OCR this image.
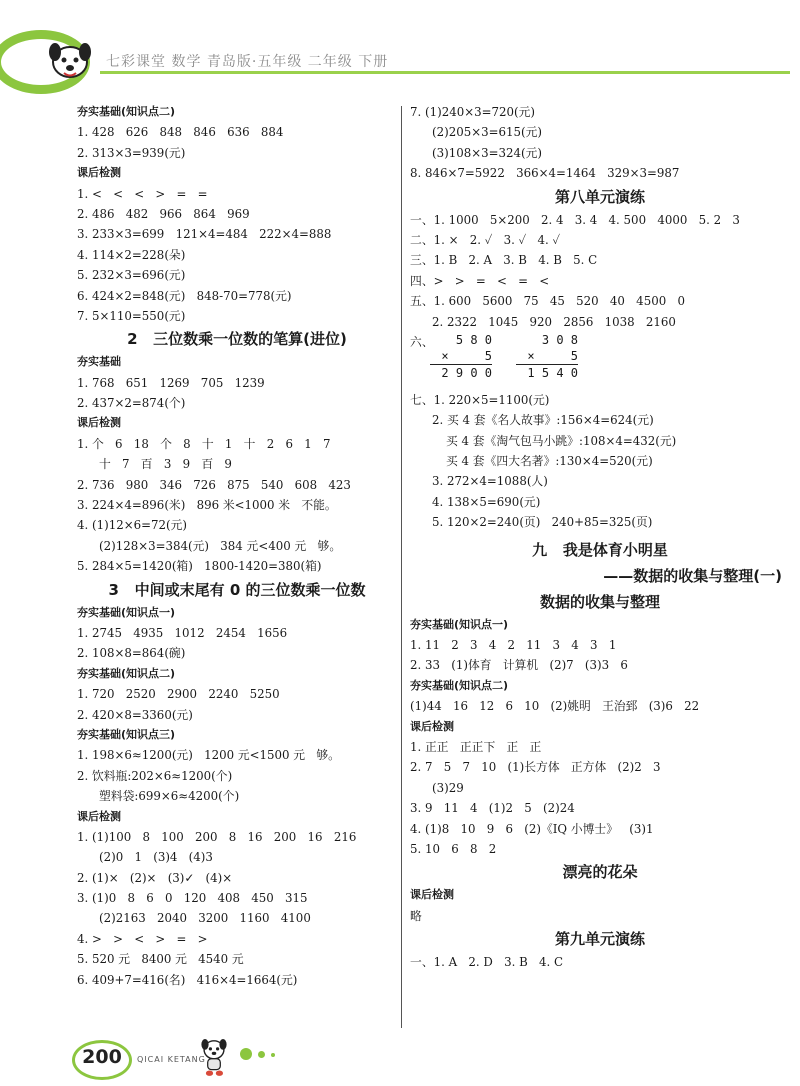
七彩课堂 数学 青岛版·五年级 二年级 下册
夯实基础(知识点二)
1. 428   626   848   846   636   884
2. 313×3=939(元)
课后检测
1. <   <   <   >   =   =
2. 486   482   966   864   969
3. 233×3=699   121×4=484   222×4=888
4. 114×2=228(朵)
5. 232×3=696(元)
6. 424×2=848(元)   848-70=778(元)
7. 5×110=550(元)
2   三位数乘一位数的笔算(进位)
夯实基础
1. 768   651   1269   705   1239
2. 437×2=874(个)
课后检测
1. 个   6   18   个   8   十   1   十   2   6   1   7
十   7   百   3   9   百   9
2. 736   980   346   726   875   540   608   423
3. 224×4=896(米)   896 米<1000 米   不能。
4. (1)12×6=72(元)
(2)128×3=384(元)   384 元<400 元   够。
5. 284×5=1420(箱)   1800-1420=380(箱)
3   中间或末尾有 0 的三位数乘一位数
夯实基础(知识点一)
1. 2745   4935   1012   2454   1656
2. 108×8=864(碗)
夯实基础(知识点二)
1. 720   2520   2900   2240   5250
2. 420×8=3360(元)
夯实基础(知识点三)
1. 198×6≈1200(元)   1200 元<1500 元   够。
2. 饮料瓶:202×6≈1200(个)
塑料袋:699×6≈4200(个)
课后检测
1. (1)100   8   100   200   8   16   200   16   216
(2)0   1   (3)4   (4)3
2. (1)×   (2)×   (3)✓   (4)×
3. (1)0   8   6   0   120   408   450   315
(2)2163   2040   3200   1160   4100
4. >   >   <   >   =   >
5. 520 元   8400 元   4540 元
6. 409+7=416(名)   416×4=1664(元)
7. (1)240×3=720(元)
(2)205×3=615(元)
(3)108×3=324(元)
8. 846×7=5922   366×4=1464   329×3=987
第八单元演练
一、1. 1000   5×200   2. 4   3. 4   4. 500   4000   5. 2   3
二、1. ×   2. ✓   3. ✓   4. ✓
三、1. B   2. A   3. B   4. B   5. C
四、>   >   =   <   =   <
五、1. 600   5600   75   45   520   40   4500   0
2. 2322   1045   920   2856   1038   2160
六、	5 8 0
×     5
2 9 0 0
3 0 8
×     5
1 5 4 0
七、1. 220×5=1100(元)
2. 买 4 套《名人故事》:156×4=624(元)
买 4 套《淘气包马小跳》:108×4=432(元)
买 4 套《四大名著》:130×4=520(元)
3. 272×4=1088(人)
4. 138×5=690(元)
5. 120×2=240(页)   240+85=325(页)
九   我是体育小明星
——数据的收集与整理(一)
数据的收集与整理
夯实基础(知识点一)
1. 11   2   3   4   2   11   3   4   3   1
2. 33   (1)体育   计算机   (2)7   (3)3   6
夯实基础(知识点二)
(1)44   16   12   6   10   (2)姚明   王治郅   (3)6   22
课后检测
1. 正正   正正下   正   正
2. 7   5   7   10   (1)长方体   正方体   (2)2   3
(3)29
3. 9   11   4   (1)2   5   (2)24
4. (1)8   10   9   6   (2)《IQ 小博士》   (3)1
5. 10   6   8   2
漂亮的花朵
课后检测
略
第九单元演练
一、1. A   2. D   3. B   4. C
200	QICAI KETANG
